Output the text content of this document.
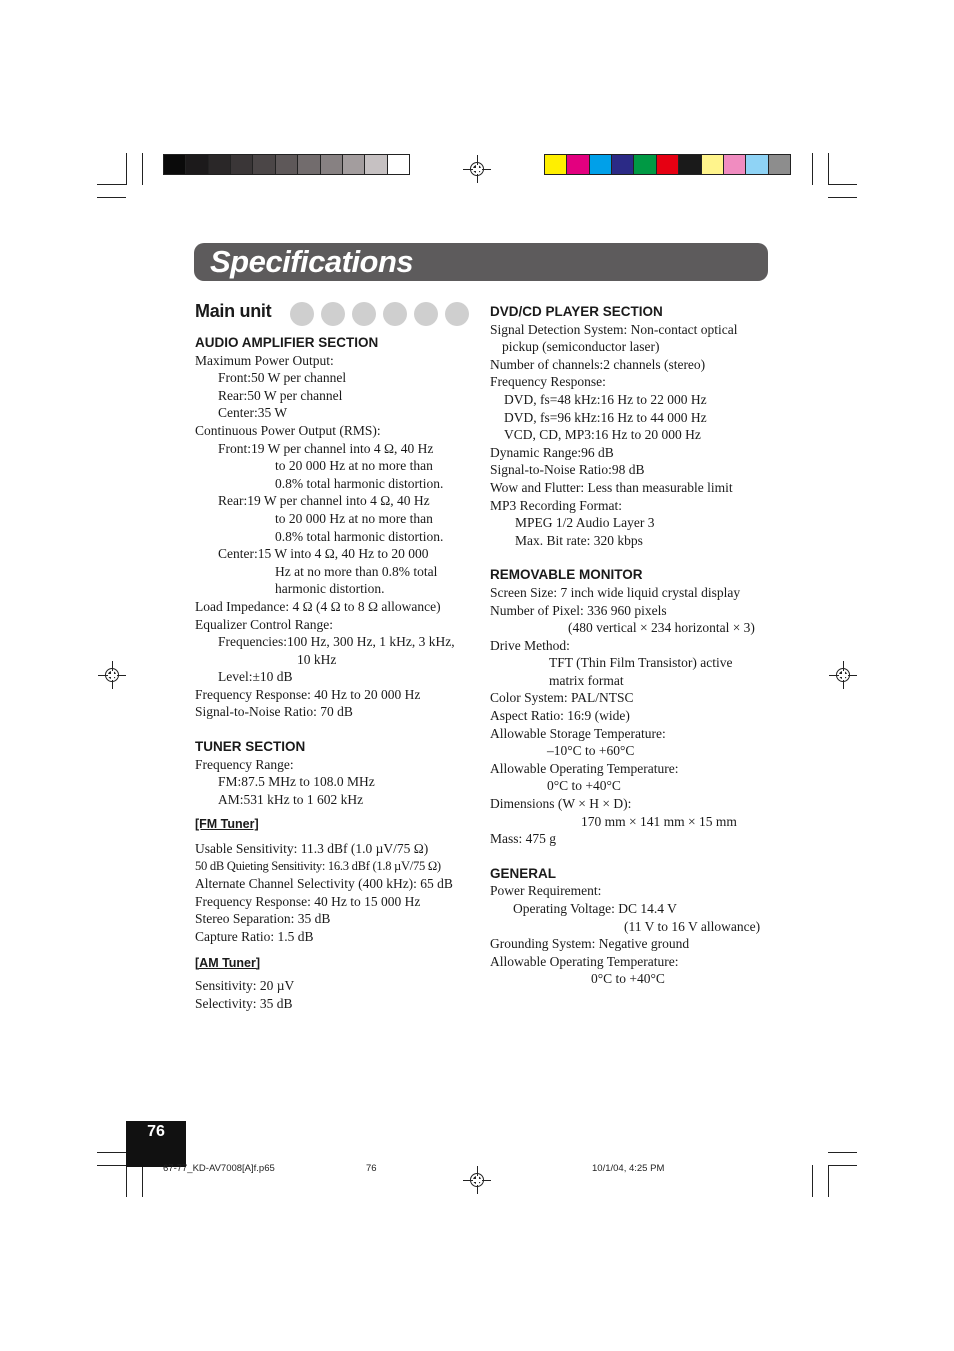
Specifications
Main unit
AUDIO AMPLIFIER SECTION
Maximum Power Output:
Front:50 W per channel
Rear:50 W per channel
Center:35 W
Continuous Power Output (RMS):
Front:19 W per channel into 4 Ω, 40 Hz
to 20 000 Hz at no more than
0.8% total harmonic distortion.
Rear:19 W per channel into 4 Ω, 40 Hz
to 20 000 Hz at no more than
0.8% total harmonic distortion.
Center:15 W into 4 Ω, 40 Hz to 20 000
Hz at no more than 0.8% total
harmonic distortion.
Load Impedance: 4 Ω (4 Ω to 8 Ω allowance)
Equalizer Control Range:
Frequencies:100 Hz, 300 Hz, 1 kHz, 3 kHz,
10 kHz
Level:±10 dB
Frequency Response: 40 Hz to 20 000 Hz
Signal-to-Noise Ratio: 70 dB
TUNER SECTION
Frequency Range:
FM:87.5 MHz to 108.0 MHz
AM:531 kHz to 1 602 kHz
[FM Tuner]
Usable Sensitivity: 11.3 dBf (1.0 µV/75 Ω)
50 dB Quieting Sensitivity: 16.3 dBf (1.8 µV/75 Ω)
Alternate Channel Selectivity (400 kHz): 65 dB
Frequency Response: 40 Hz to 15 000 Hz
Stereo Separation: 35 dB
Capture Ratio: 1.5 dB
[AM Tuner]
Sensitivity: 20 µV
Selectivity: 35 dB
DVD/CD PLAYER SECTION
Signal Detection System: Non-contact optical
pickup (semiconductor laser)
Number of channels:2 channels (stereo)
Frequency Response:
DVD, fs=48 kHz:16 Hz to 22 000 Hz
DVD, fs=96 kHz:16 Hz to 44 000 Hz
VCD, CD, MP3:16 Hz to 20 000 Hz
Dynamic Range:96 dB
Signal-to-Noise Ratio:98 dB
Wow and Flutter: Less than measurable limit
MP3 Recording Format:
MPEG 1/2 Audio Layer 3
Max. Bit rate: 320 kbps
REMOVABLE MONITOR
Screen Size: 7 inch wide liquid crystal display
Number of Pixel: 336 960 pixels
(480 vertical × 234 horizontal × 3)
Drive Method:
TFT (Thin Film Transistor) active
matrix format
Color System: PAL/NTSC
Aspect Ratio: 16:9 (wide)
Allowable Storage Temperature:
–10°C to +60°C
Allowable Operating Temperature:
0°C to +40°C
Dimensions (W × H × D):
170 mm × 141 mm × 15 mm
Mass: 475 g
GENERAL
Power Requirement:
Operating Voltage: DC 14.4 V
(11 V to 16 V allowance)
Grounding System: Negative ground
Allowable Operating Temperature:
0°C to +40°C
76
67-77_KD-AV7008[A]f.p65	76	10/1/04, 4:25 PM
